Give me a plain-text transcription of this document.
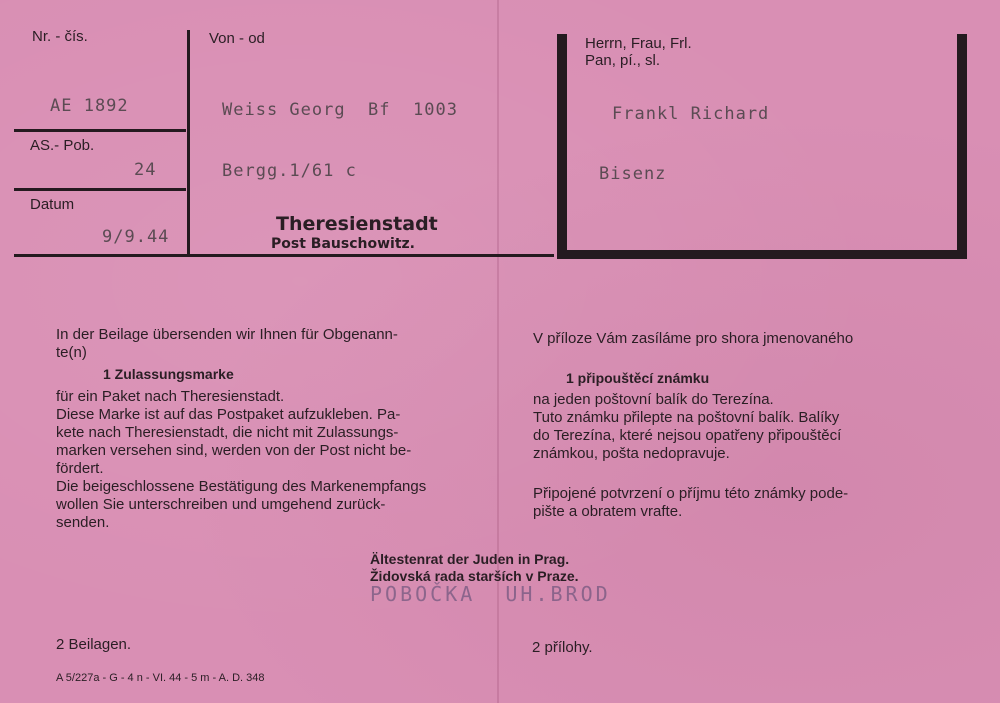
Nr. - čís.
AE 1892
AS.- Pob.
24
Datum
9/9.44
Von - od
Weiss Georg  Bf  1003
Bergg.1/61 c
Theresienstadt
Post Bauschowitz.
Herrn, Frau, Frl.
Pan, pí., sl.
Frankl Richard
Bisenz
In der Beilage übersenden wir Ihnen für Obgenann-
te(n)
1 Zulassungsmarke
für ein Paket nach Theresienstadt.
Diese Marke ist auf das Postpaket aufzukleben. Pa-
kete nach Theresienstadt, die nicht mit Zulassungs-
marken versehen sind, werden von der Post nicht be-
fördert.
Die beigeschlossene Bestätigung des Markenempfangs
wollen Sie unterschreiben und umgehend zurück-
senden.
2 Beilagen.
V příloze Vám zasíláme pro shora jmenovaného
1 připouštěcí známku
na jeden poštovní balík do Terezína.
Tuto známku přilepte na poštovní balík. Balíky
do Terezína, které nejsou opatřeny připouštěcí
známkou, pošta nedopravuje.
Připojené potvrzení o příjmu této známky pode-
pište a obratem vrafte.
2 přílohy.
Ältestenrat der Juden in Prag.
Židovská rada starších v Praze.
POBOČKA  UH.BROD
A 5/227a - G - 4 n - VI. 44 - 5 m - A. D. 348
